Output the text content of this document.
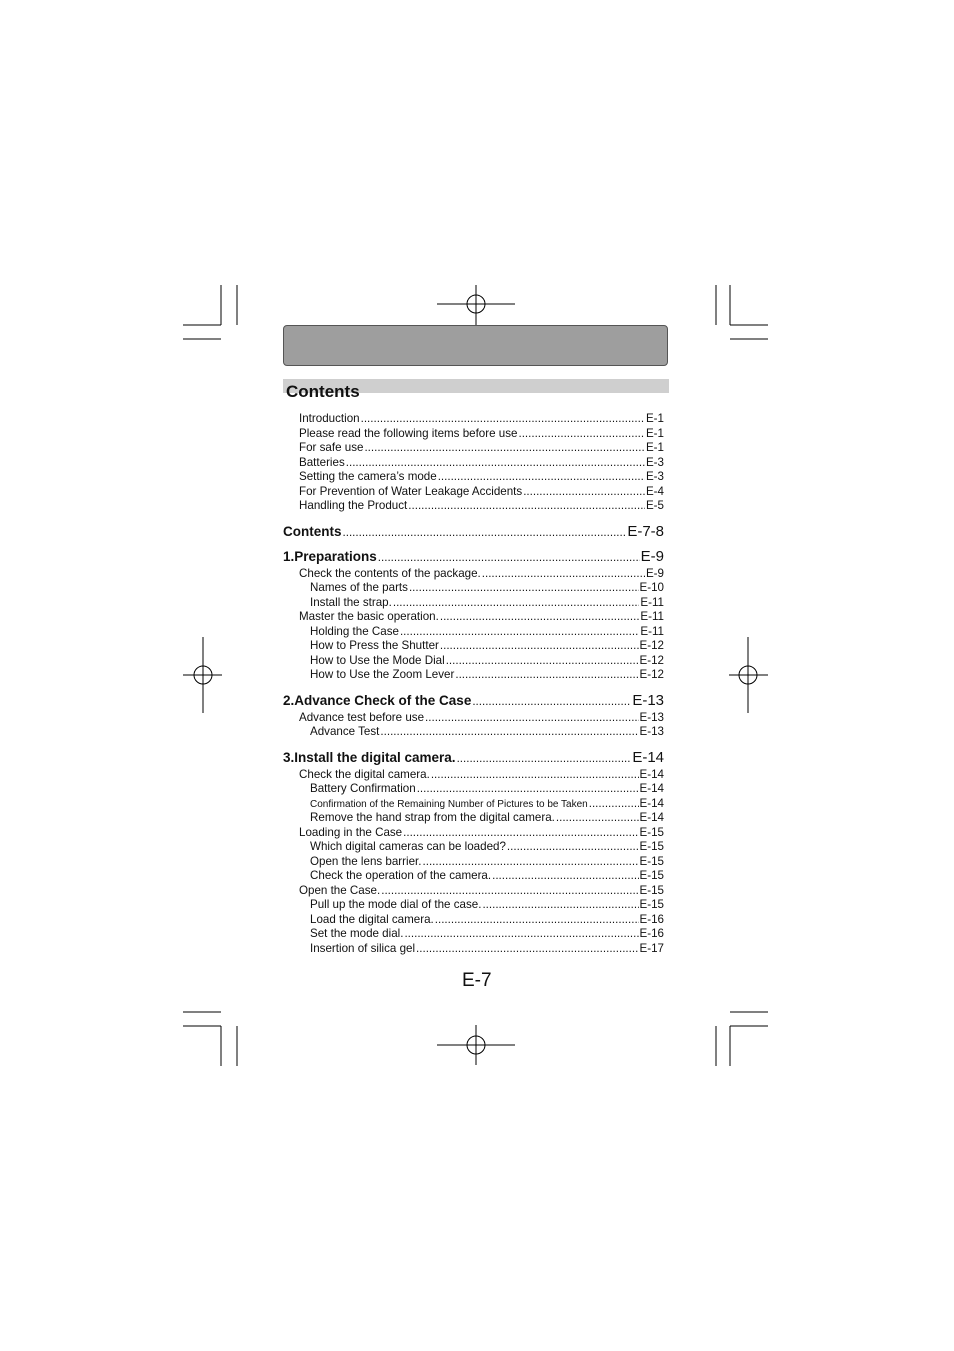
Contents
Introduction .....	E-1
Please read the following items before use .....	E-1
For safe use .....	E-1
Batteries .....	E-3
Setting the camera’s mode .....	E-3
For Prevention of Water Leakage Accidents .....	E-4
Handling the Product .....	E-5
Contents .....	E-7-8
1.Preparations .....	E-9
Check the contents of the package. .....	E-9
Names of the parts .....	E-10
Install the strap. .....	E-11
Master the basic operation. .....	E-11
Holding the Case .....	E-11
How to Press the Shutter .....	E-12
How to Use the Mode Dial .....	E-12
How to Use the Zoom Lever .....	E-12
2.Advance Check of the Case .....	E-13
Advance test before use .....	E-13
Advance Test .....	E-13
3.Install the digital camera. .....	E-14
Check the digital camera. .....	E-14
Battery Confirmation .....	E-14
Confirmation of the Remaining Number of Pictures to be Taken .....	E-14
Remove the hand strap from the digital camera. .....	E-14
Loading in the Case .....	E-15
Which digital cameras can be loaded? .....	E-15
Open the lens barrier. .....	E-15
Check the operation of the camera. .....	E-15
Open the Case. .....	E-15
Pull up the mode dial of the case. .....	E-15
Load the digital camera. .....	E-16
Set the mode dial. .....	E-16
Insertion of silica gel .....	E-17
E-7
